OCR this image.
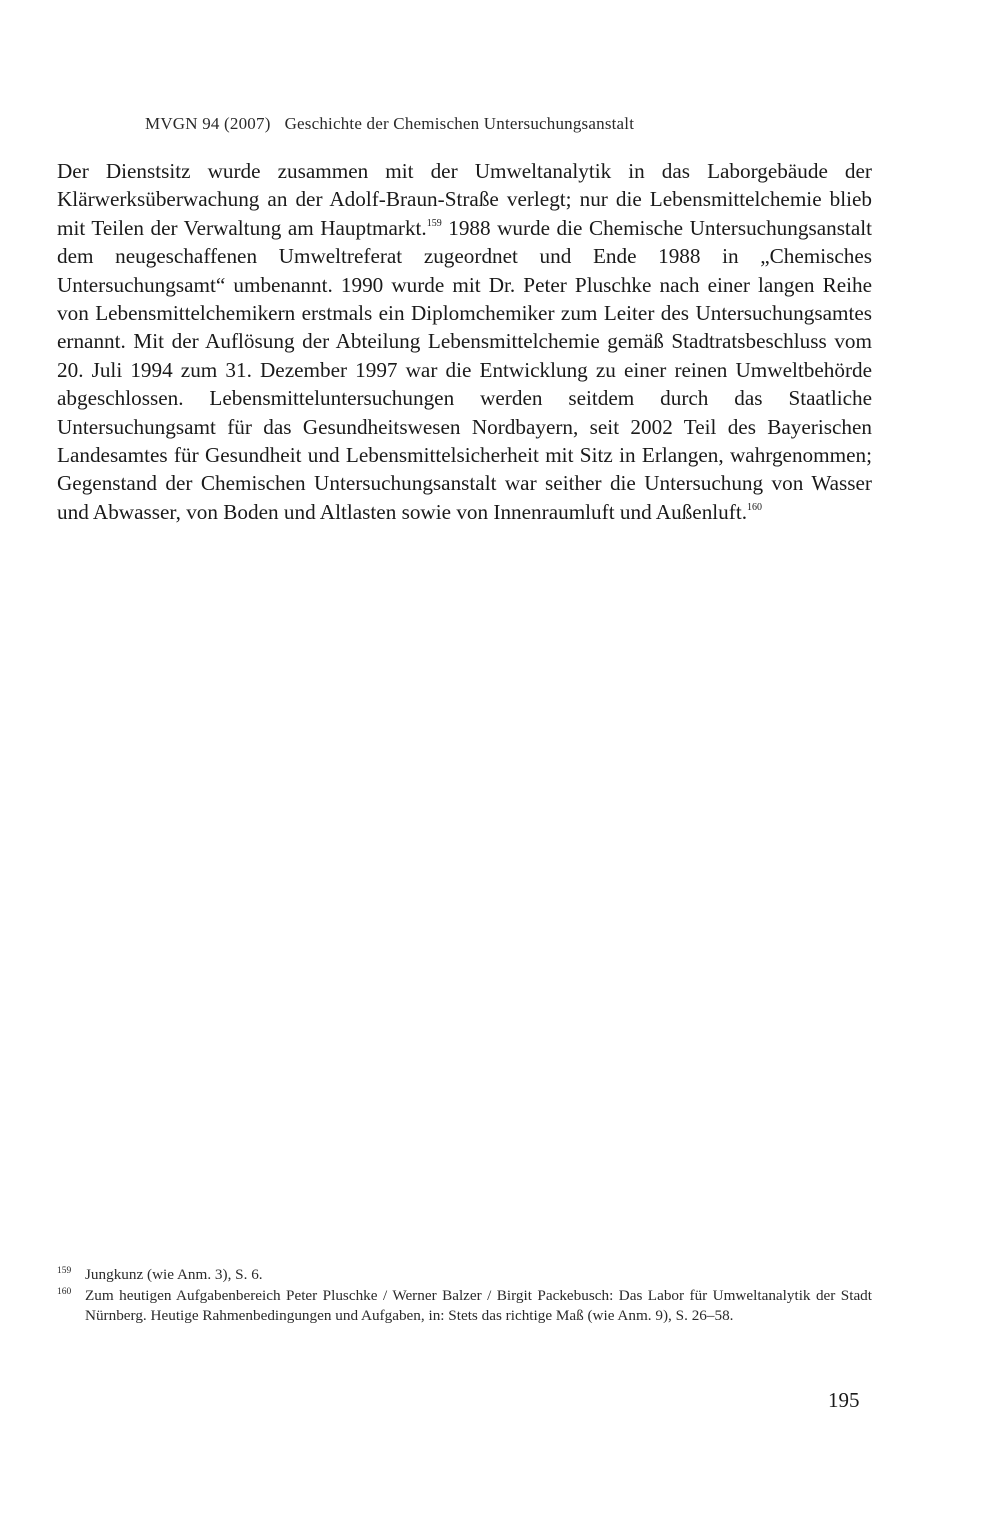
MVGN 94 (2007) Geschichte der Chemischen Untersuchungsanstalt

Der Dienstsitz wurde zusammen mit der Umweltanalytik in das Laborgebäude der Klärwerksüberwachung an der Adolf-Braun-Straße verlegt; nur die Lebensmittelchemie blieb mit Teilen der Verwaltung am Hauptmarkt.$^{159}$ 1988 wurde die Chemische Untersuchungsanstalt dem neugeschaffenen Umweltreferat zugeordnet und Ende 1988 in „Chemisches Untersuchungsamt“ umbenannt. 1990 wurde mit Dr. Peter Pluschke nach einer langen Reihe von Lebensmittelchemikern erstmals ein Diplomchemiker zum Leiter des Untersuchungsamtes ernannt. Mit der Auflösung der Abteilung Lebensmittelchemie gemäß Stadtratsbeschluss vom 20. Juli 1994 zum 31. Dezember 1997 war die Entwicklung zu einer reinen Umweltbehörde abgeschlossen. Lebensmitteluntersuchungen werden seitdem durch das Staatliche Untersuchungsamt für das Gesundheitswesen Nordbayern, seit 2002 Teil des Bayerischen Landesamtes für Gesundheit und Lebensmittelsicherheit mit Sitz in Erlangen, wahrgenommen; Gegenstand der Chemischen Untersuchungsanstalt war seither die Untersuchung von Wasser und Abwasser, von Boden und Altlasten sowie von Innenraumluft und Außenluft.$^{160}$

159 Jungkunz (wie Anm. 3), S. 6.

160 Zum heutigen Aufgabenbereich Peter Pluschke / Werner Balzer / Birgit Packebusch: Das Labor für Umweltanalytik der Stadt Nürnberg. Heutige Rahmenbedingungen und Aufgaben, in: Stets das richtige Maß (wie Anm. 9), S. 26–58.

195
